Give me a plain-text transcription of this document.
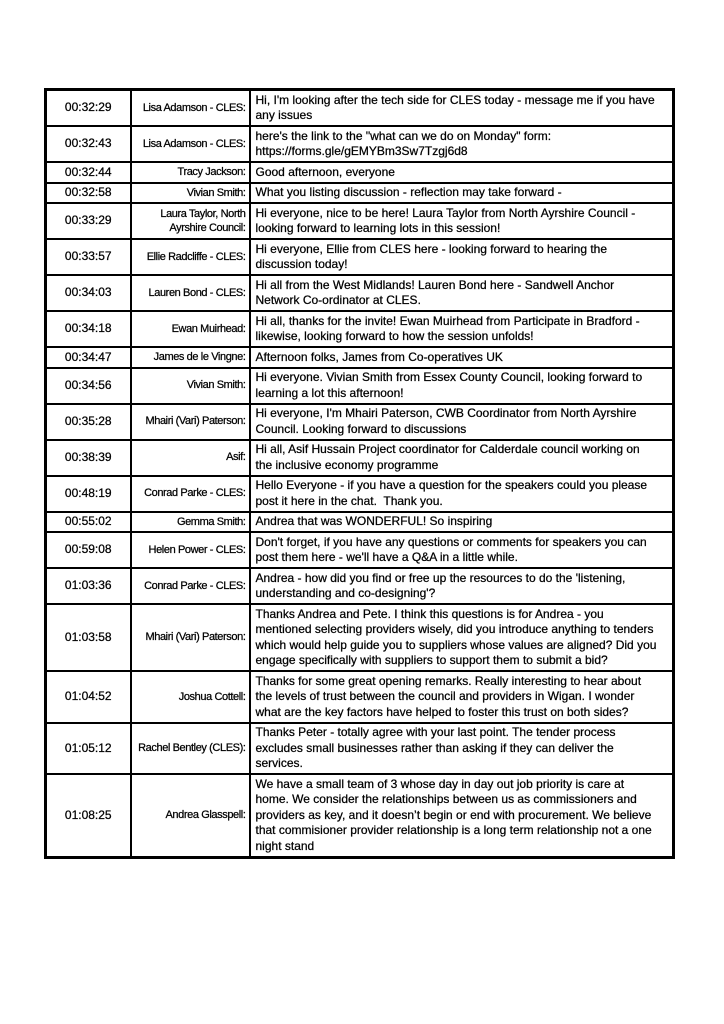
00:32:29	Lisa Adamson - CLES:	Hi, I'm looking after the tech side for CLES today - message me if you have any issues
00:32:43	Lisa Adamson - CLES:	here's the link to the "what can we do on Monday" form: https://forms.gle/gEMYBm3Sw7Tzgj6d8
00:32:44	Tracy Jackson:	Good afternoon, everyone
00:32:58	Vivian Smith:	What you listing discussion - reflection may take forward -
00:33:29	Laura Taylor, North Ayrshire Council:	Hi everyone, nice to be here! Laura Taylor from North Ayrshire Council - looking forward to learning lots in this session!
00:33:57	Ellie Radcliffe - CLES:	Hi everyone, Ellie from CLES here - looking forward to hearing the discussion today!
00:34:03	Lauren Bond - CLES:	Hi all from the West Midlands! Lauren Bond here - Sandwell Anchor Network Co-ordinator at CLES.
00:34:18	Ewan Muirhead:	Hi all, thanks for the invite! Ewan Muirhead from Participate in Bradford - likewise, looking forward to how the session unfolds!
00:34:47	James de le Vingne:	Afternoon folks, James from Co-operatives UK
00:34:56	Vivian Smith:	Hi everyone. Vivian Smith from Essex County Council, looking forward to learning a lot this afternoon!
00:35:28	Mhairi (Vari) Paterson:	Hi everyone, I'm Mhairi Paterson, CWB Coordinator from North Ayrshire Council. Looking forward to discussions
00:38:39	Asif:	Hi all, Asif Hussain Project coordinator for Calderdale council working on the inclusive economy programme
00:48:19	Conrad Parke - CLES:	Hello Everyone - if you have a question for the speakers could you please post it here in the chat.  Thank you.
00:55:02	Gemma Smith:	Andrea that was WONDERFUL! So inspiring
00:59:08	Helen Power - CLES:	Don't forget, if you have any questions or comments for speakers you can post them here - we'll have a Q&A in a little while.
01:03:36	Conrad Parke - CLES:	Andrea - how did you find or free up the resources to do the 'listening, understanding and co-designing'?
01:03:58	Mhairi (Vari) Paterson:	Thanks Andrea and Pete. I think this questions is for Andrea - you mentioned selecting providers wisely, did you introduce anything to tenders which would help guide you to suppliers whose values are aligned? Did you engage specifically with suppliers to support them to submit a bid?
01:04:52	Joshua Cottell:	Thanks for some great opening remarks. Really interesting to hear about the levels of trust between the council and providers in Wigan. I wonder what are the key factors have helped to foster this trust on both sides?
01:05:12	Rachel Bentley (CLES):	Thanks Peter - totally agree with your last point. The tender process excludes small businesses rather than asking if they can deliver the services.
01:08:25	Andrea Glasspell:	We have a small team of 3 whose day in day out job priority is care at home. We consider the relationships between us as commissioners and providers as key, and it doesn’t begin or end with procurement. We believe that commisioner provider relationship is a long term relationship not a one night stand
